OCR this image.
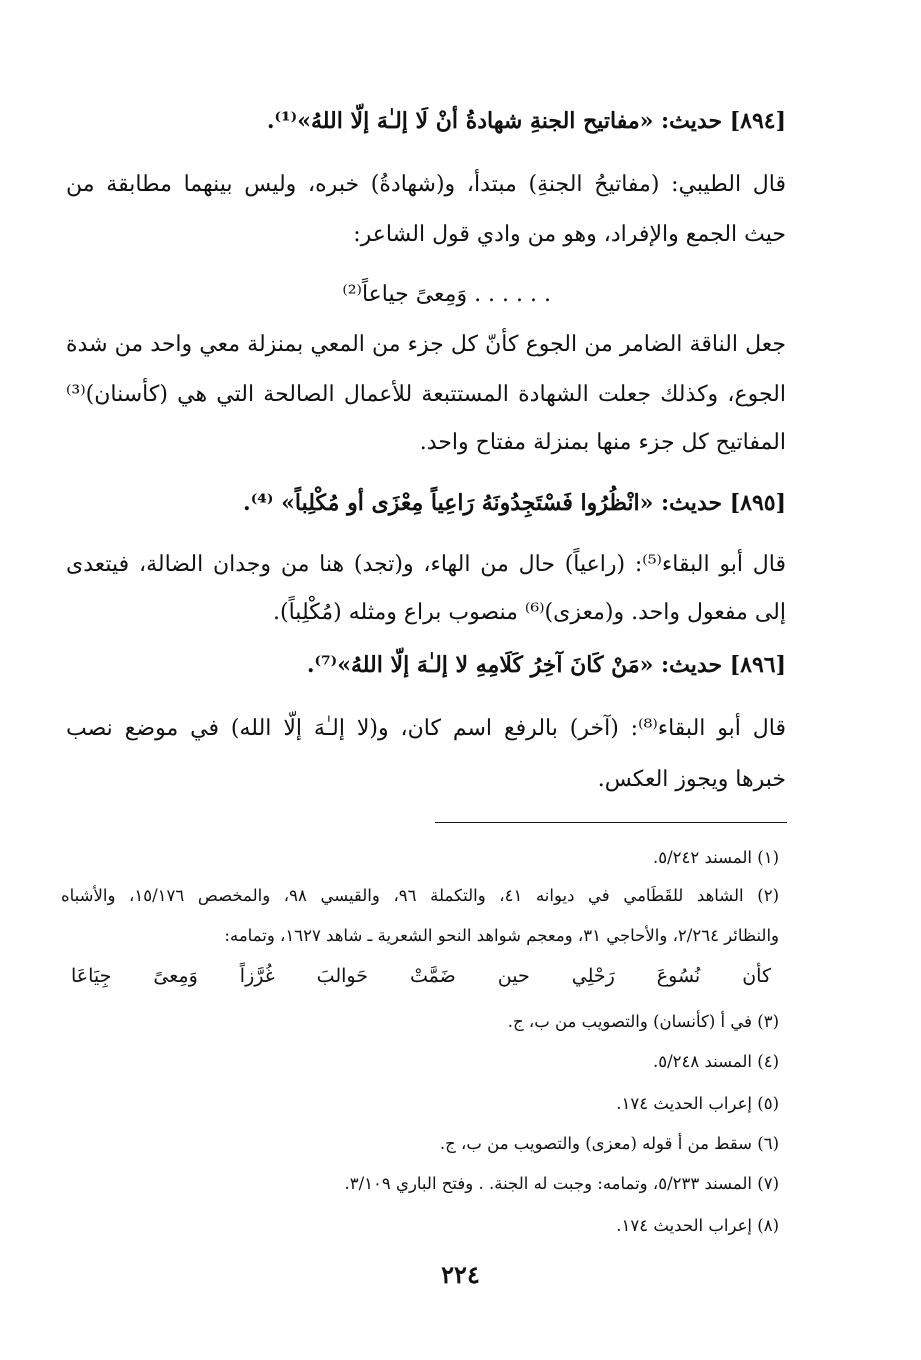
[٨٩٤] حديث: «مفاتيح الجنةِ شهادةُ أنْ لَا إلـٰهَ إلّا اللهُ»⁽¹⁾.
قال الطيبي: (مفاتيحُ الجنةِ) مبتدأ، و(شهادةُ) خبره، وليس بينهما مطابقة من
حيث الجمع والإفراد، وهو من وادي قول الشاعر:
. . . . . . وَمِعىً جياعاً⁽²⁾
جعل الناقة الضامر من الجوع كأنّ كل جزء من المعي بمنزلة معي واحد من شدة
الجوع، وكذلك جعلت الشهادة المستتبعة للأعمال الصالحة التي هي (كأسنان)⁽³⁾
المفاتيح كل جزء منها بمنزلة مفتاح واحد.
[٨٩٥] حديث: «انْظُرُوا فَسْتَجِدُونَهُ رَاعِياً مِعْزَى أو مُكْلِباً» ⁽⁴⁾.
قال أبو البقاء⁽⁵⁾: (راعياً) حال من الهاء، و(تجد) هنا من وجدان الضالة، فيتعدى
إلى مفعول واحد. و(معزى)⁽⁶⁾ منصوب براع ومثله (مُكْلِباً).
[٨٩٦] حديث: «مَنْ كَانَ آخِرُ كَلَامِهِ لا إلـٰهَ إلّا اللهُ»⁽⁷⁾.
قال أبو البقاء⁽⁸⁾: (آخر) بالرفع اسم كان، و(لا إلـٰهَ إلّا الله) في موضع نصب
خبرها ويجوز العكس.
(١) المسند ٥/٢٤٢.
(٢) الشاهد للقَطَامي في ديوانه ٤١، والتكملة ٩٦، والقيسي ٩٨، والمخصص ١٥/١٧٦، والأشباه
والنظائر ٢/٢٦٤، والأحاجي ٣١، ومعجم شواهد النحو الشعرية ـ شاهد ١٦٢٧، وتمامه:
كأن نُسُوعَ رَحْلِي حين ضَمَّتْ حَوالبَ غُرَّزاً وَمِعىً جِيَاعَا
(٣) في أ (كأنسان) والتصويب من ب، ج.
(٤) المسند ٥/٢٤٨.
(٥) إعراب الحديث ١٧٤.
(٦) سقط من أ قوله (معزى) والتصويب من ب، ج.
(٧) المسند ٥/٢٣٣، وتمامه: وجبت له الجنة. . وفتح الباري ٣/١٠٩.
(٨) إعراب الحديث ١٧٤.
٢٢٤
